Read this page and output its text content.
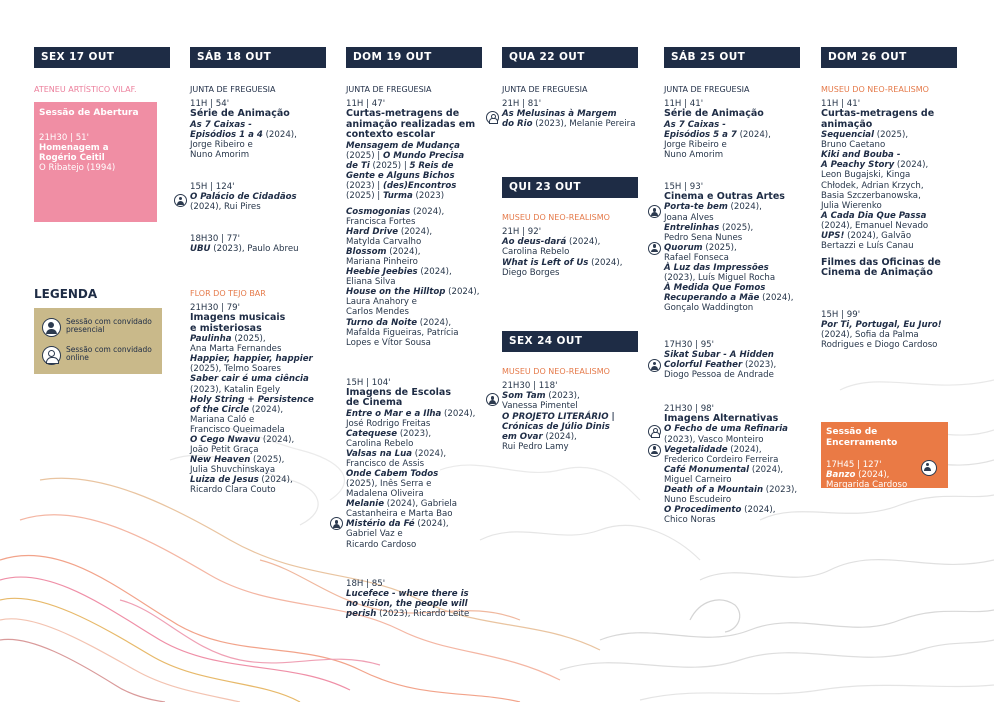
LEGENDA
Sessão com convidado presencial
Sessão com convidado online
SEX 17 OUT
ATENEU ARTÍSTICO VILAF.
Sessão de Abertura
21H30 | 51'
Homenagem a Rogério Ceitil
O Ribatejo (1994)
SÁB 18 OUT
JUNTA DE FREGUESIA
11H | 54'
Série de Animação
As 7 Caixas -
Episódios 1 a 4 (2024),
Jorge Ribeiro e
Nuno Amorim
15H | 124'
O Palácio de Cidadãos
(2024), Rui Pires
18H30 | 77'
UBU (2023), Paulo Abreu
FLOR DO TEJO BAR
21H30 | 79'
Imagens musicais
e misteriosas
Paulinha (2025),
Ana Marta Fernandes
Happier, happier, happier
(2025), Telmo Soares
Saber cair é uma ciência
(2023), Katalin Egely
Holy String + Persistence
of the Circle (2024),
Mariana Caló e
Francisco Queimadela
O Cego Nwavu (2024),
João Petit Graça
New Heaven (2025),
Julia Shuvchinskaya
Luiza de Jesus (2024),
Ricardo Clara Couto
DOM 19 OUT
JUNTA DE FREGUESIA
11H | 47'
Curtas-metragens de
animação realizadas em
contexto escolar
Mensagem de Mudança
(2025) | O Mundo Precisa
de Ti (2025) | 5 Reis de
Gente e Alguns Bichos
(2023) | (des)Encontros
(2025) | Turma (2023)
Cosmogonias (2024),
Francisca Fortes
Hard Drive (2024),
Matylda Carvalho
Blossom (2024),
Mariana Pinheiro
Heebie Jeebies (2024),
Eliana Silva
House on the Hilltop (2024),
Laura Anahory e
Carlos Mendes
Turno da Noite (2024),
Mafalda Figueiras, Patrícia
Lopes e Vítor Sousa
15H | 104'
Imagens de Escolas
de Cinema
Entre o Mar e a Ilha (2024),
José Rodrigo Freitas
Catequese (2023),
Carolina Rebelo
Valsas na Lua (2024),
Francisco de Assis
Onde Cabem Todos
(2025), Inês Serra e
Madalena Oliveira
Melanie (2024), Gabriela
Castanheira e Marta Bao
Mistério da Fé (2024),
Gabriel Vaz e
Ricardo Cardoso
18H | 85'
Lucefece - where there is
no vision, the people will
perish (2023), Ricardo Leite
QUA 22 OUT
JUNTA DE FREGUESIA
21H | 81'
As Melusinas à Margem
do Rio (2023), Melanie Pereira
QUI 23 OUT
MUSEU DO NEO-REALISMO
21H | 92'
Ao deus-dará (2024),
Carolina Rebelo
What is Left of Us (2024),
Diego Borges
SEX 24 OUT
MUSEU DO NEO-REALISMO
21H30 | 118'
Som Tam (2023),
Vanessa Pimentel
O PROJETO LITERÁRIO |
Crónicas de Júlio Dinis
em Ovar (2024),
Rui Pedro Lamy
SÁB 25 OUT
JUNTA DE FREGUESIA
11H | 41'
Série de Animação
As 7 Caixas -
Episódios 5 a 7 (2024),
Jorge Ribeiro e
Nuno Amorim
15H | 93'
Cinema e Outras Artes
Porta-te bem (2024),
Joana Alves
Entrelinhas (2025),
Pedro Sena Nunes
Quorum (2025),
Rafael Fonseca
À Luz das Impressões
(2023), Luís Miguel Rocha
À Medida Que Fomos
Recuperando a Mãe (2024),
Gonçalo Waddington
17H30 | 95'
Sikat Subar - A Hidden
Colorful Feather (2023),
Diogo Pessoa de Andrade
21H30 | 98'
Imagens Alternativas
O Fecho de uma Refinaria
(2023), Vasco Monteiro
Vegetalidade (2024),
Frederico Cordeiro Ferreira
Café Monumental (2024),
Miguel Carneiro
Death of a Mountain (2023),
Nuno Escudeiro
O Procedimento (2024),
Chico Noras
DOM 26 OUT
MUSEU DO NEO-REALISMO
11H | 41'
Curtas-metragens de
animação
Sequencial (2025),
Bruno Caetano
Kiki and Bouba -
A Peachy Story (2024),
Leon Bugajski, Kinga
Chłodek, Adrian Krzych,
Basia Szczerbanowska,
Julia Wierenko
A Cada Dia Que Passa
(2024), Emanuel Nevado
UPS! (2024), Galvão
Bertazzi e Luís Canau
Filmes das Oficinas de
Cinema de Animação
15H | 99'
Por Ti, Portugal, Eu Juro!
(2024), Sofia da Palma
Rodrigues e Diogo Cardoso
Sessão de Encerramento
17H45 | 127'
Banzo (2024),
Margarida Cardoso
